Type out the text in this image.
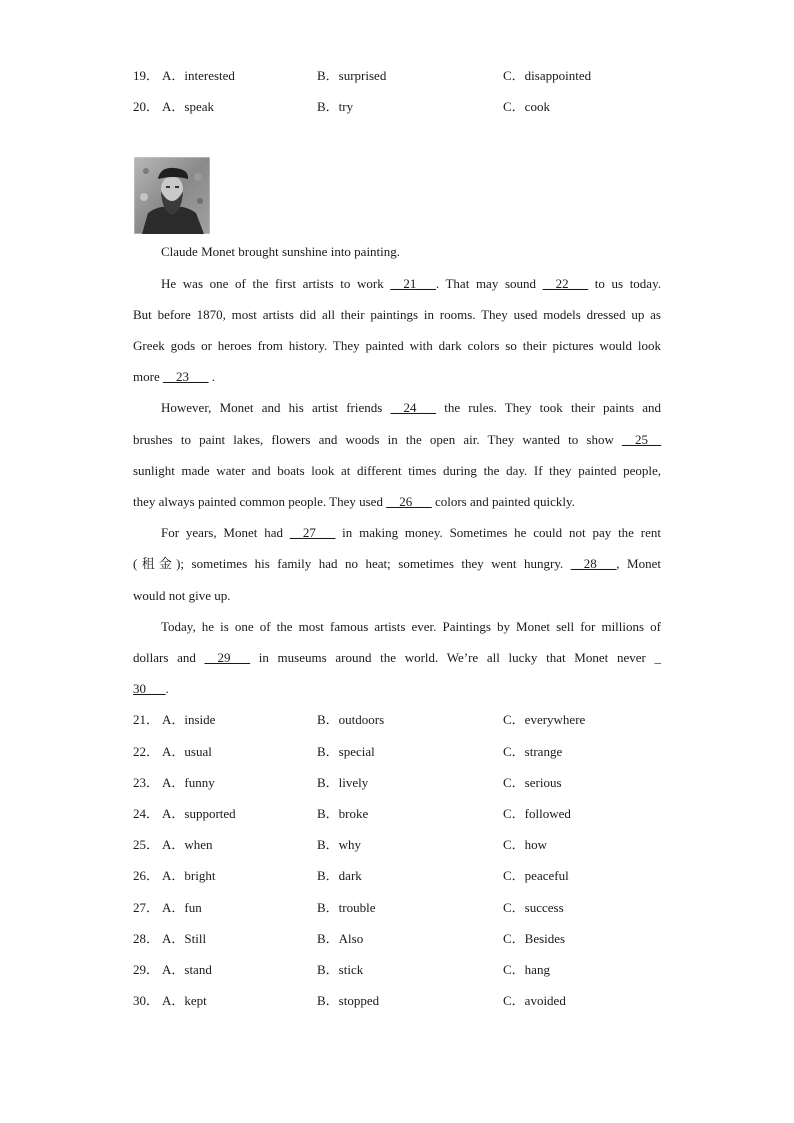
19． A．interested	B．surprised	C．disappointed
20． A．speak	B．try	C．cook
Claude Monet brought sunshine into painting.
He was one of the first artists to work __21___. That may sound __22___ to us today.
But before 1870, most artists did all their paintings in rooms. They used models dressed up as
Greek gods or heroes from history. They painted with dark colors so their pictures would look
more __23___ .
However, Monet and his artist friends __24___ the rules. They took their paints and
brushes to paint lakes, flowers and woods in the open air. They wanted to show __25__
sunlight made water and boats look at different times during the day. If they painted people,
they always painted common people. They used __26___ colors and painted quickly.
For years, Monet had __27___ in making money. Sometimes he could not pay the rent
(租金); sometimes his family had no heat; sometimes they went hungry. __28___, Monet
would not give up.
Today, he is one of the most famous artists ever. Paintings by Monet sell for millions of
dollars and __29___ in museums around the world. We’re all lucky that Monet never _
30___.
21． A．inside	B．outdoors	C．everywhere
22． A．usual	B．special	C．strange
23． A．funny	B．lively	C．serious
24． A．supported	B．broke	C．followed
25． A．when	B．why	C．how
26． A．bright	B．dark	C．peaceful
27． A．fun	B．trouble	C．success
28． A．Still	B．Also	C．Besides
29． A．stand	B．stick	C．hang
30． A．kept	B．stopped	C．avoided
